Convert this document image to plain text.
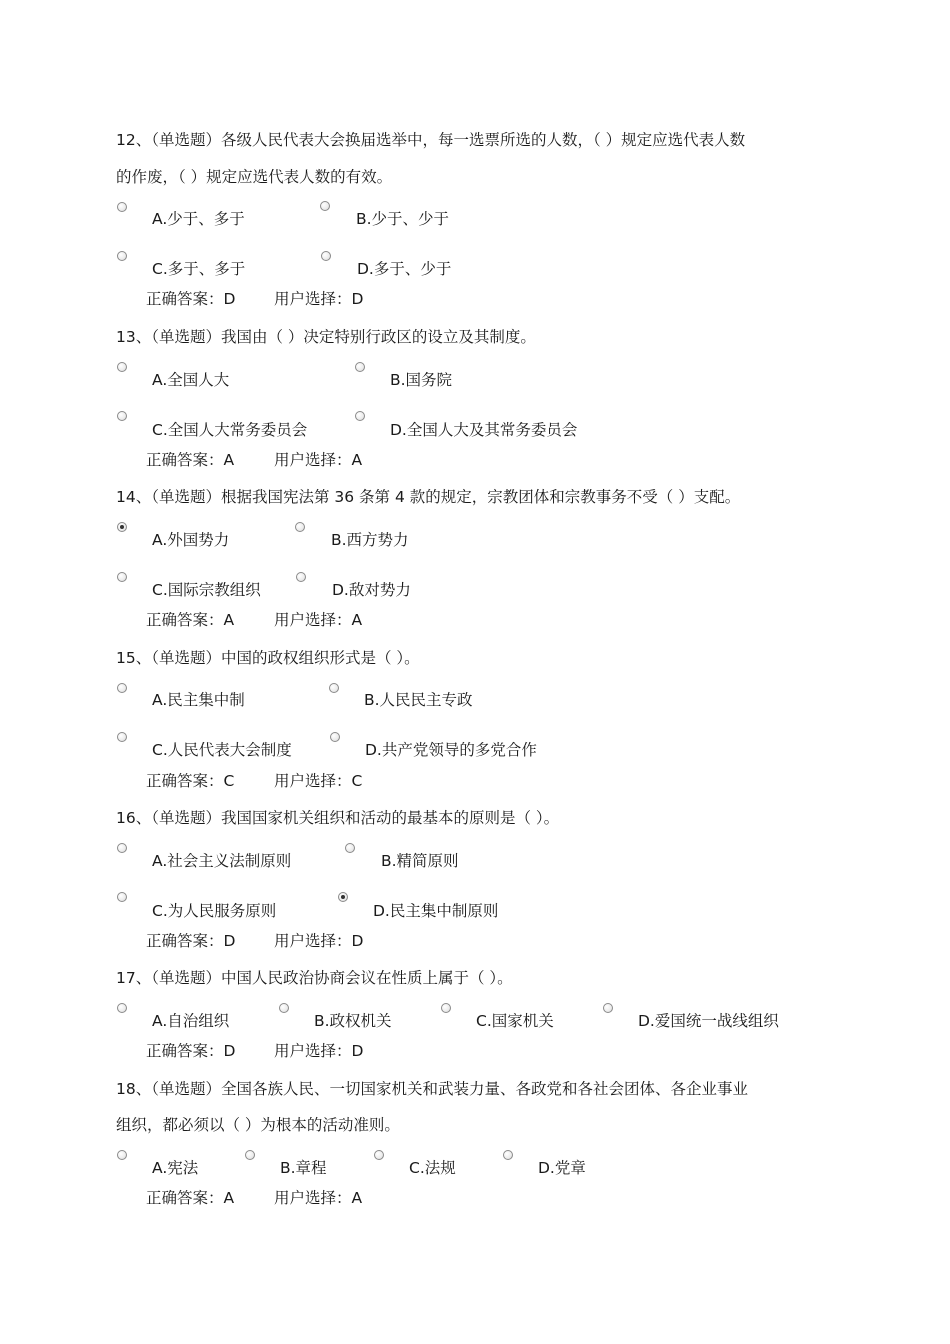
12、（单选题）各级人民代表大会换届选举中，每一选票所选的人数，（ ）规定应选代表人数
的作废，（ ）规定应选代表人数的有效。
A.少于、多于	B.少于、少于
C.多于、多于	D.多于、少于
正确答案：D 用户选择：D
13、（单选题）我国由（ ）决定特别行政区的设立及其制度。
A.全国人大	B.国务院
C.全国人大常务委员会	D.全国人大及其常务委员会
正确答案：A	用户选择：A
14、（单选题）根据我国宪法第 36 条第 4 款的规定，宗教团体和宗教事务不受（ ）支配。
A.外国势力	B.西方势力
C.国际宗教组织	D.敌对势力
正确答案：A	用户选择：A
15、（单选题）中国的政权组织形式是（ ）。
A.民主集中制	B.人民民主专政
C.人民代表大会制度	D.共产党领导的多党合作
正确答案：C	用户选择：C
16、（单选题）我国国家机关组织和活动的最基本的原则是（ ）。
A.社会主义法制原则	B.精简原则
C.为人民服务原则	D.民主集中制原则
正确答案：D 用户选择：D
17、（单选题）中国人民政治协商会议在性质上属于（ ）。
A.自治组织	B.政权机关	C.国家机关	D.爱国统一战线组织
正确答案：D 用户选择：D
18、（单选题）全国各族人民、一切国家机关和武装力量、各政党和各社会团体、各企业事业
组织，都必须以（ ）为根本的活动准则。
A.宪法	B.章程	C.法规	D.党章
正确答案：A	用户选择：A
